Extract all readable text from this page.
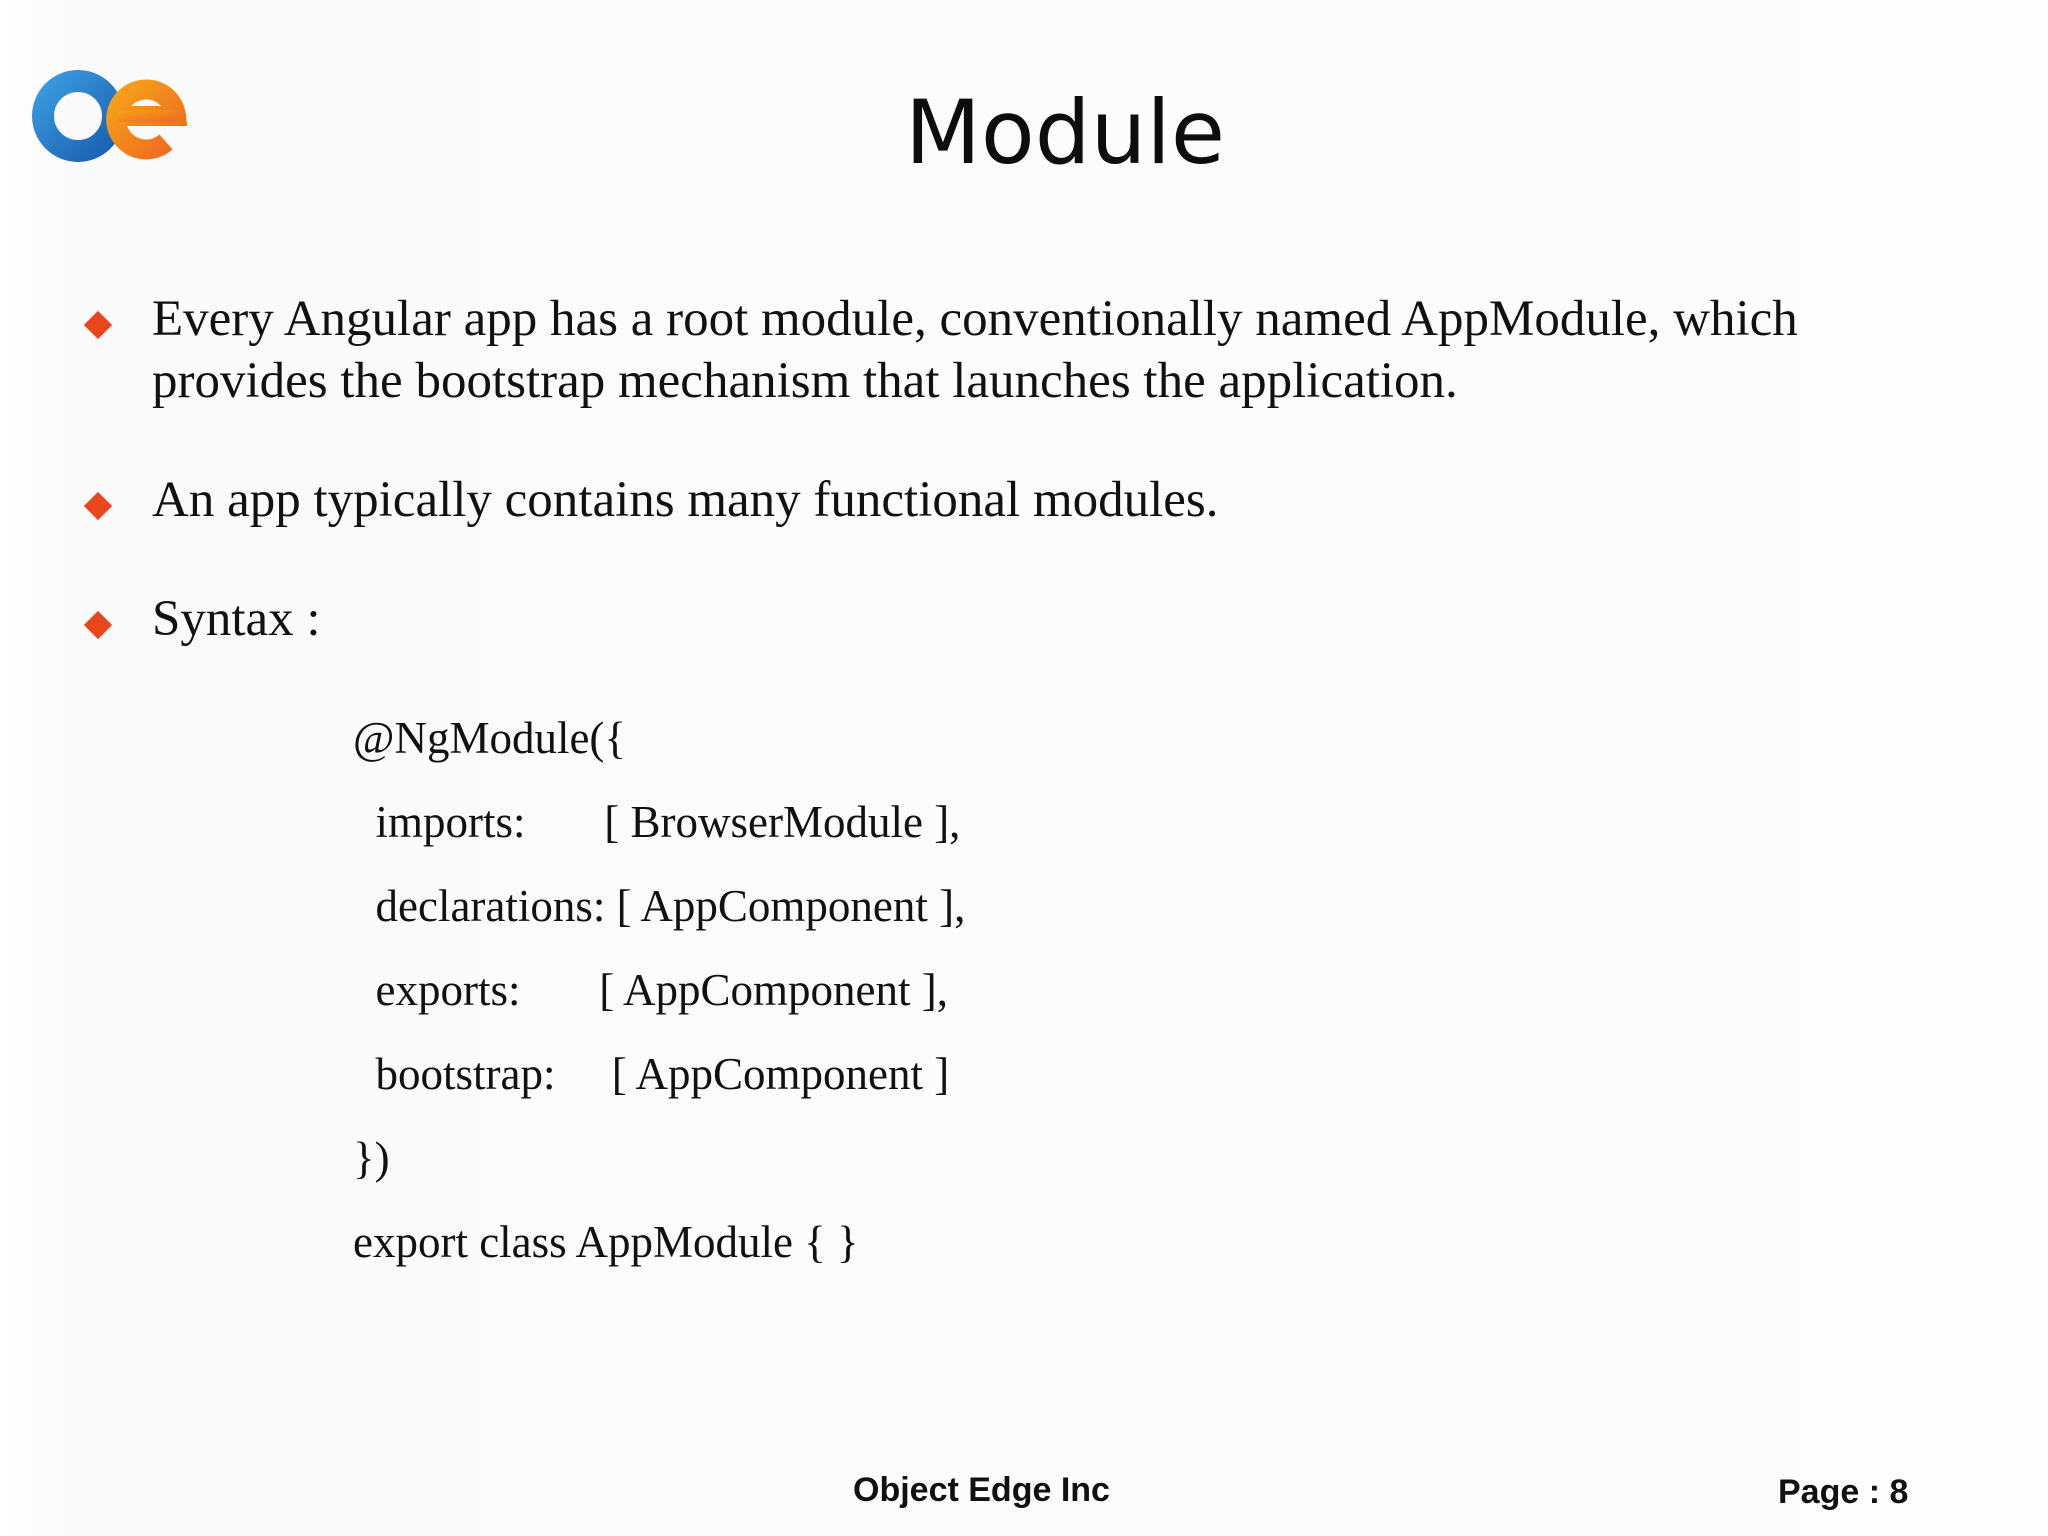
Module
Every Angular app has a root module, conventionally named AppModule, which provides the bootstrap mechanism that launches the application.
An app typically contains many functional modules.
Syntax :
@NgModule({
imports:       [ BrowserModule ],
declarations: [ AppComponent ],
exports:       [ AppComponent ],
bootstrap:     [ AppComponent ]
})
export class AppModule { }
Object Edge Inc	Page : 8
